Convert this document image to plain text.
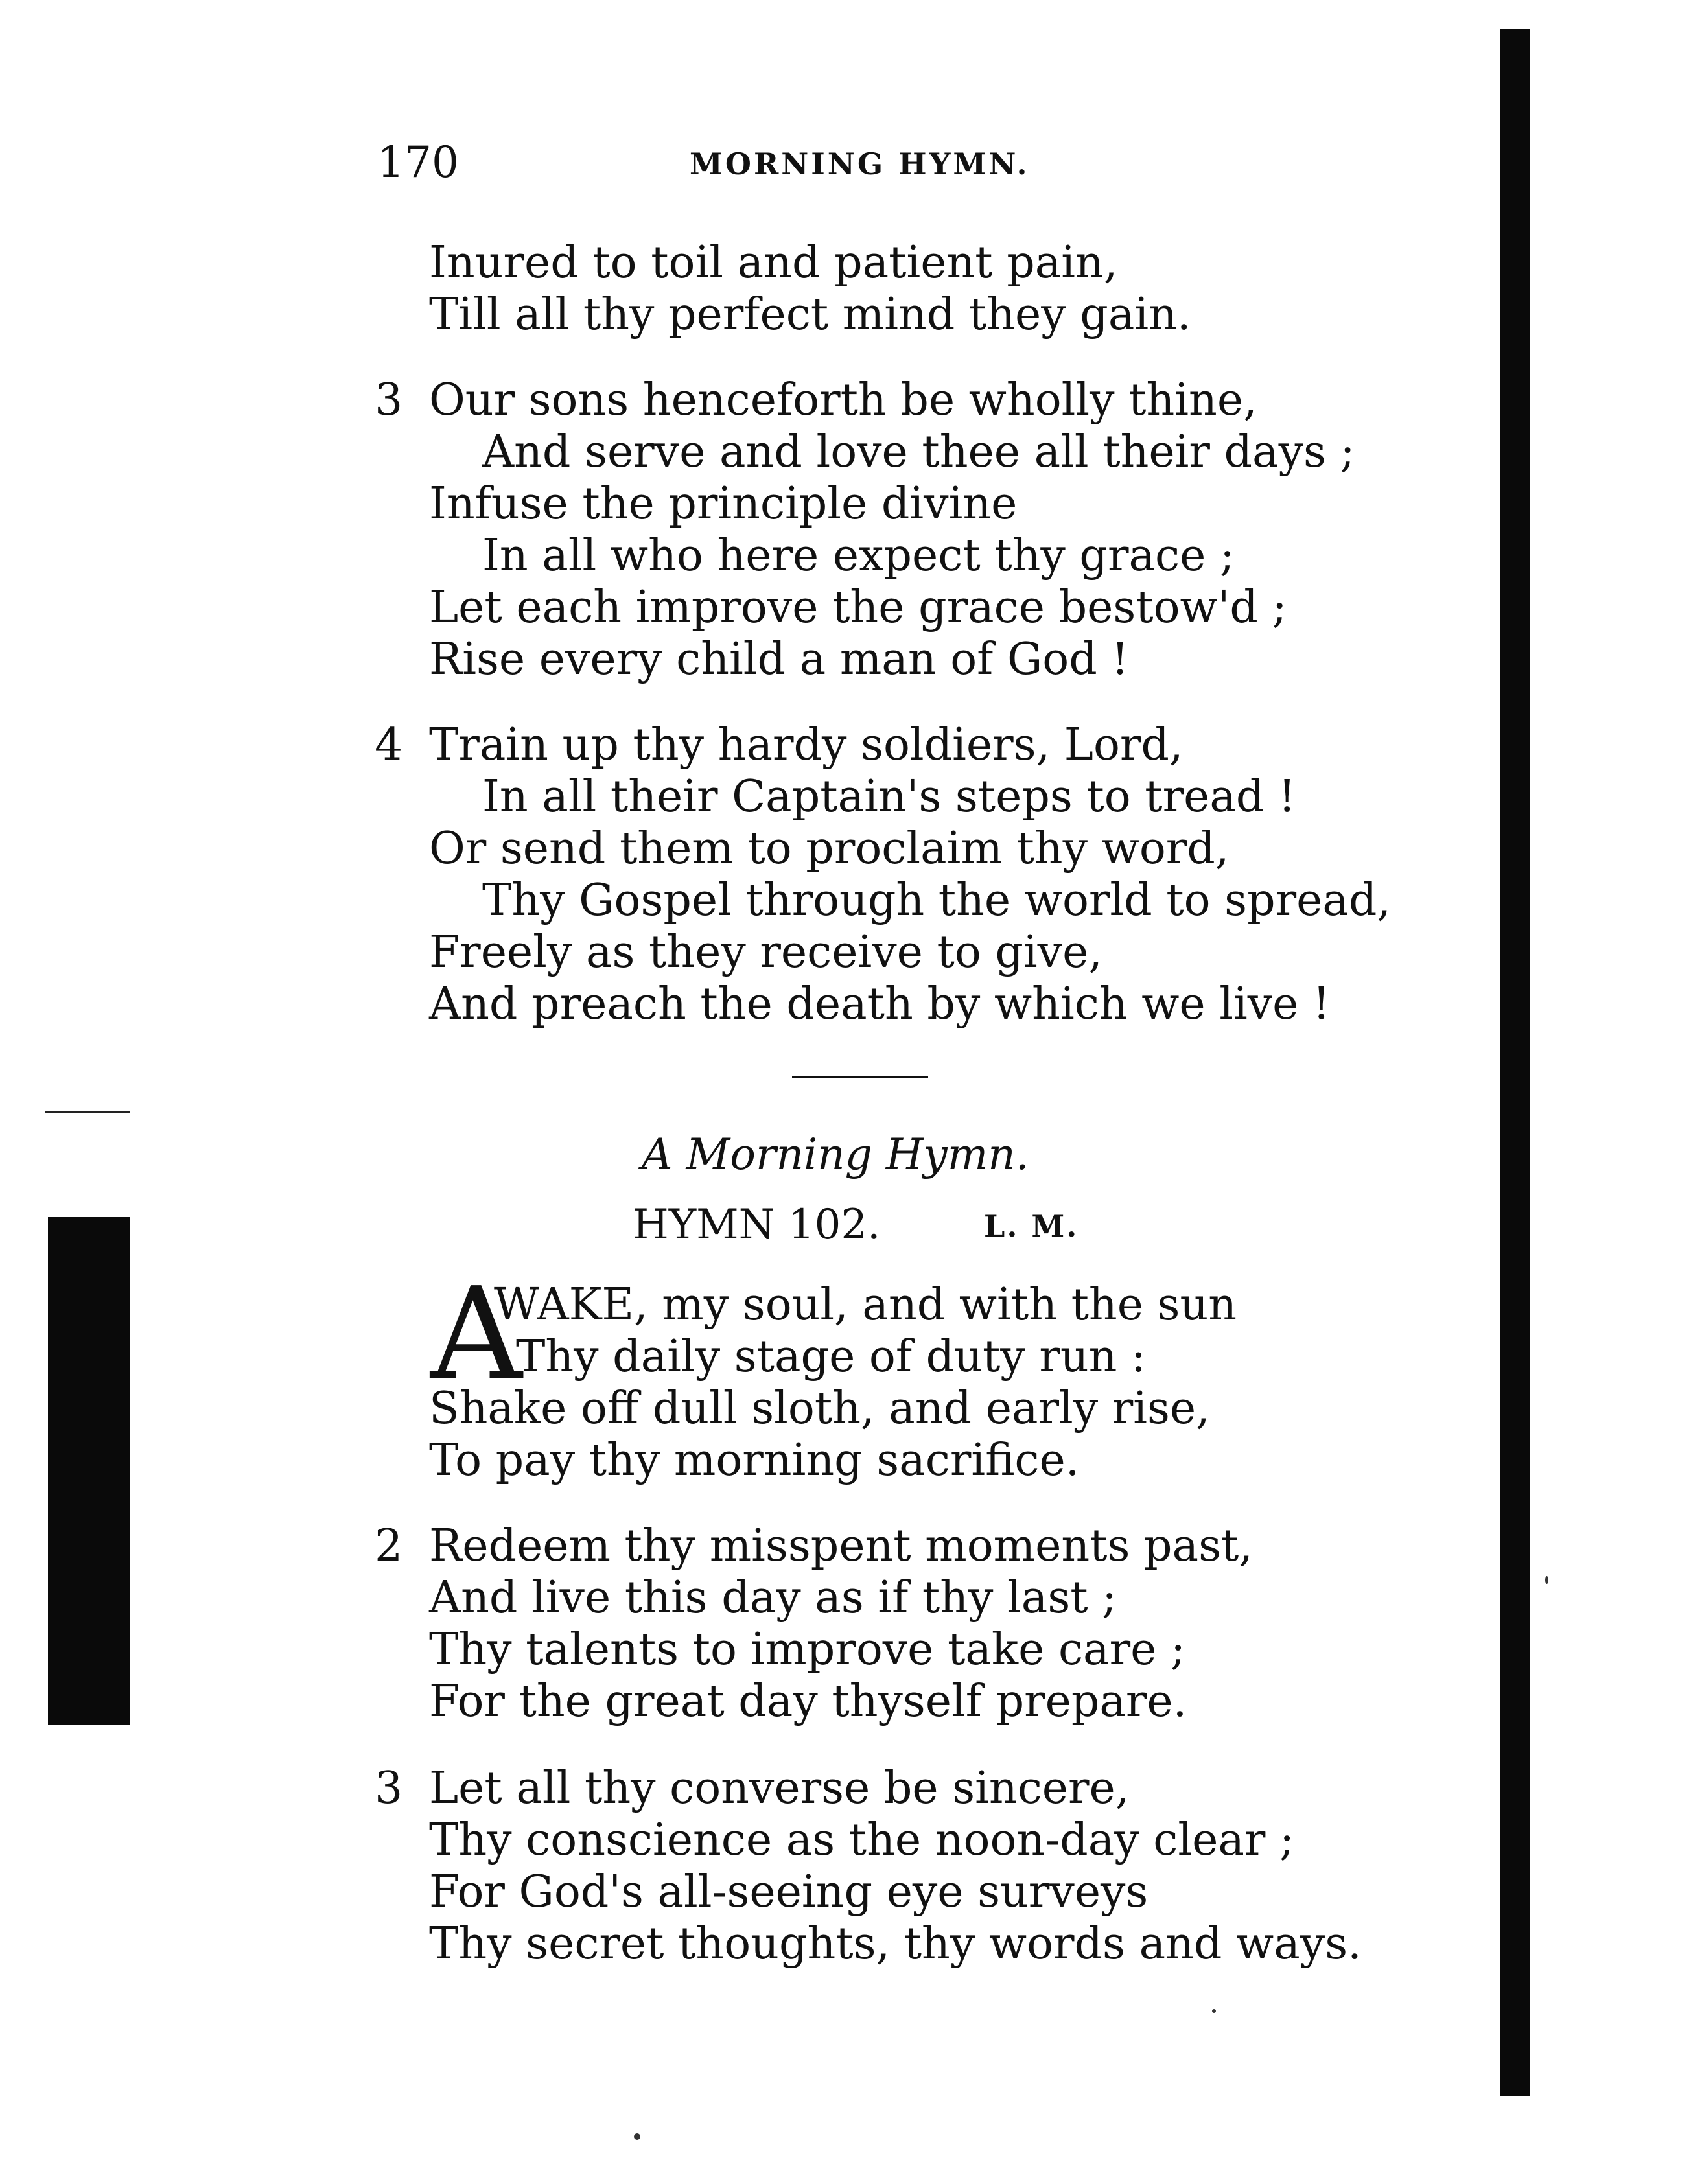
170	MORNING HYMN.
Inured to toil and patient pain,
Till all thy perfect mind they gain.
3 Our sons henceforth be wholly thine,
And serve and love thee all their days ;
Infuse the principle divine
In all who here expect thy grace ;
Let each improve the grace bestow'd ;
Rise every child a man of God !
4 Train up thy hardy soldiers, Lord,
In all their Captain's steps to tread !
Or send them to proclaim thy word,
Thy Gospel through the world to spread,
Freely as they receive to give,
And preach the death by which we live !
A Morning Hymn.
HYMN 102.	L. M.
A
WAKE, my soul, and with the sun
Thy daily stage of duty run :
Shake off dull sloth, and early rise,
To pay thy morning sacrifice.
2 Redeem thy misspent moments past,
And live this day as if thy last ;
Thy talents to improve take care ;
For the great day thyself prepare.
3 Let all thy converse be sincere,
Thy conscience as the noon-day clear ;
For God's all-seeing eye surveys
Thy secret thoughts, thy words and ways.
